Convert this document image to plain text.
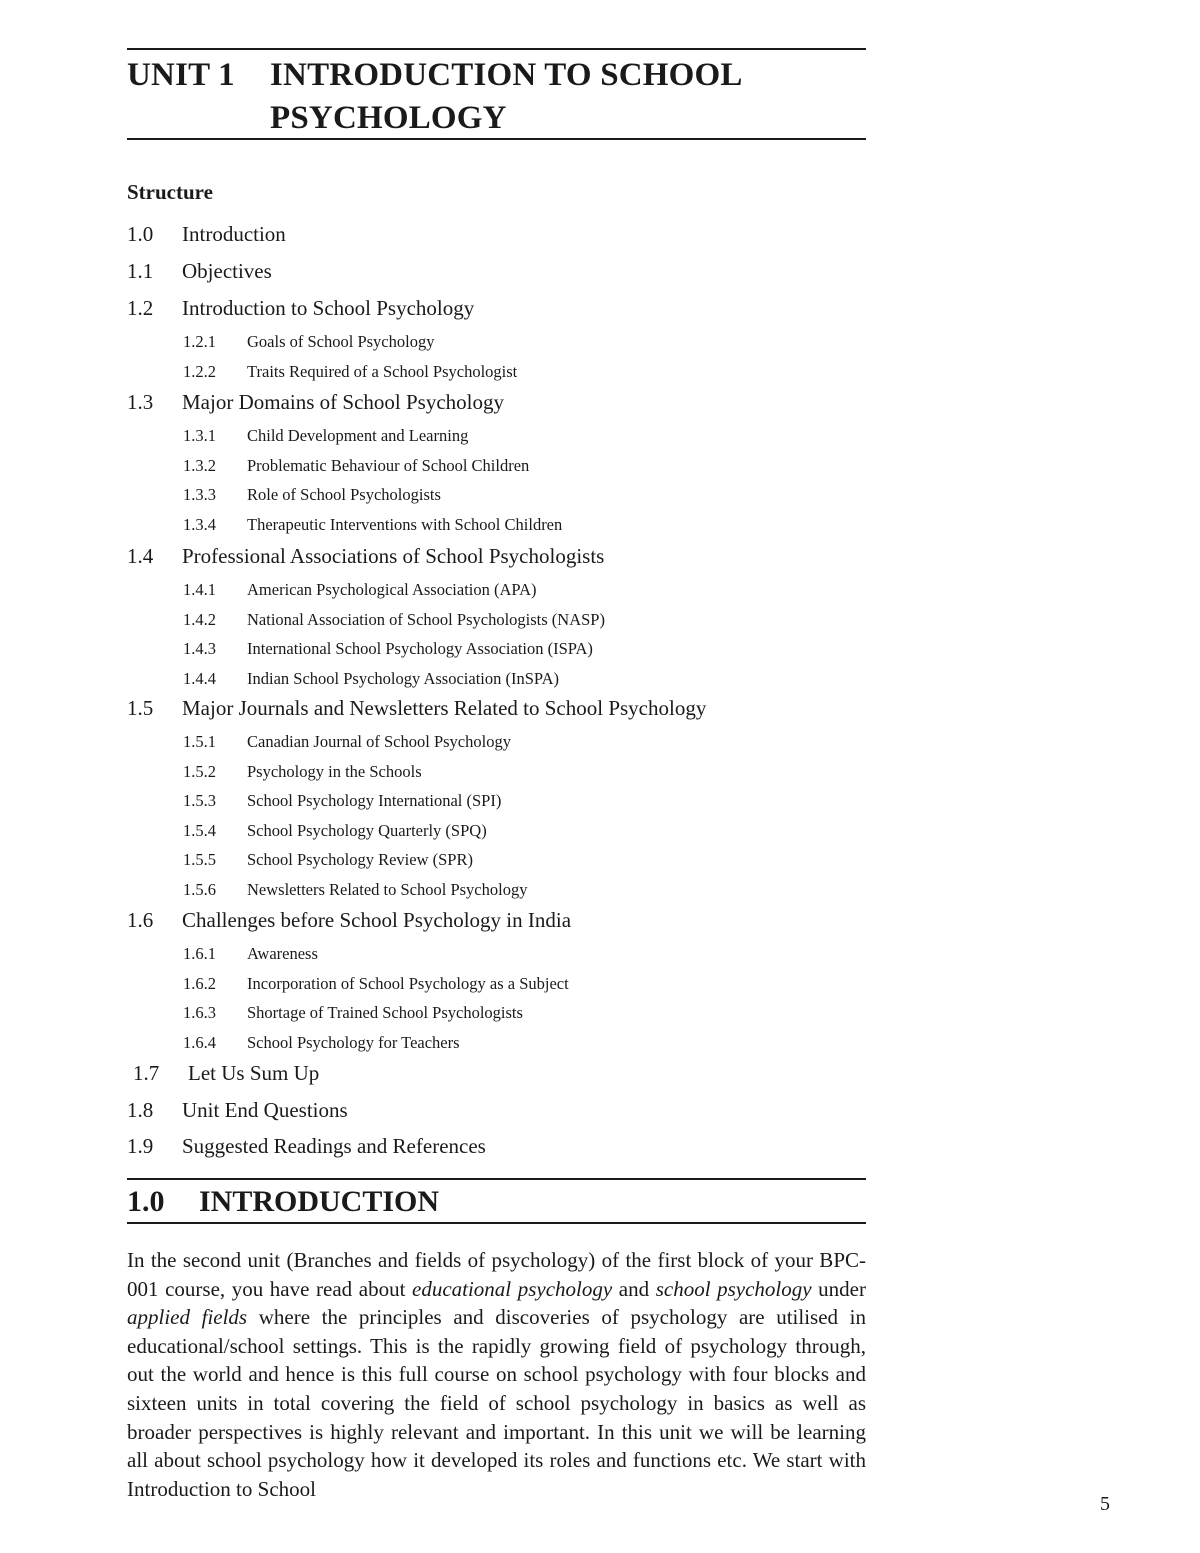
UNIT 1 INTRODUCTION TO SCHOOL
PSYCHOLOGY
Structure
1.0 Introduction
1.1 Objectives
1.2 Introduction to School Psychology
1.2.1 Goals of School Psychology
1.2.2 Traits Required of a School Psychologist
1.3 Major Domains of School Psychology
1.3.1 Child Development and Learning
1.3.2 Problematic Behaviour of School Children
1.3.3 Role of School Psychologists
1.3.4 Therapeutic Interventions with School Children
1.4 Professional Associations of School Psychologists
1.4.1 American Psychological Association (APA)
1.4.2 National Association of School Psychologists (NASP)
1.4.3 International School Psychology Association (ISPA)
1.4.4 Indian School Psychology Association (InSPA)
1.5 Major Journals and Newsletters Related to School Psychology
1.5.1 Canadian Journal of School Psychology
1.5.2 Psychology in the Schools
1.5.3 School Psychology International (SPI)
1.5.4 School Psychology Quarterly (SPQ)
1.5.5 School Psychology Review (SPR)
1.5.6 Newsletters Related to School Psychology
1.6 Challenges before School Psychology in India
1.6.1 Awareness
1.6.2 Incorporation of School Psychology as a Subject
1.6.3 Shortage of Trained School Psychologists
1.6.4 School Psychology for Teachers
1.7 Let Us Sum Up
1.8 Unit End Questions
1.9 Suggested Readings and References
1.0 INTRODUCTION
In the second unit (Branches and fields of psychology) of the first block of your BPC-001 course, you have read about educational psychology and school psychology under applied fields where the principles and discoveries of psychology are utilised in educational/school settings. This is the rapidly growing field of psychology through, out the world and hence is this full course on school psychology with four blocks and sixteen units in total covering the field of school psychology in basics as well as broader perspectives is highly relevant and important. In this unit we will be learning all about school psychology how it developed its roles and functions etc. We start with Introduction to School
5
